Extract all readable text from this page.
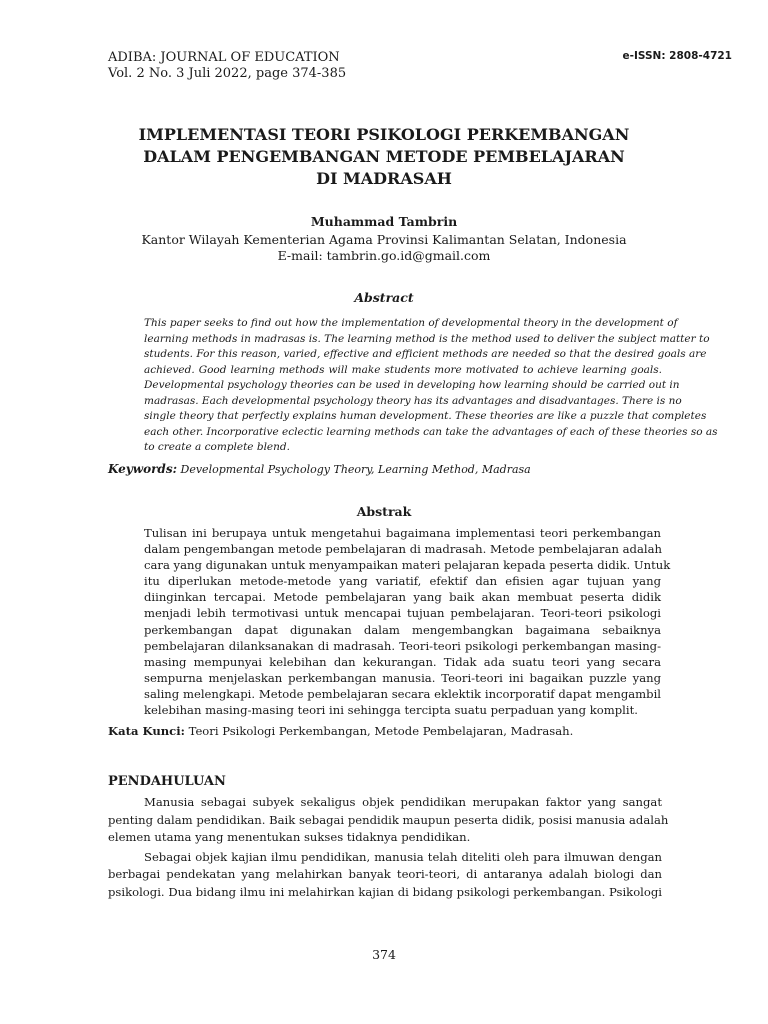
ADIBA: JOURNAL OF EDUCATION
Vol. 2 No. 3 Juli 2022, page 374-385
e-ISSN: 2808-4721
IMPLEMENTASI TEORI PSIKOLOGI PERKEMBANGAN
DALAM PENGEMBANGAN METODE PEMBELAJARAN
DI MADRASAH
Muhammad Tambrin
Kantor Wilayah Kementerian Agama Provinsi Kalimantan Selatan, Indonesia
E-mail: tambrin.go.id@gmail.com
Abstract
This paper seeks to find out how the implementation of developmental theory in the development of
learning methods in madrasas is. The learning method is the method used to deliver the subject matter to
students. For this reason, varied, effective and efficient methods are needed so that the desired goals are
achieved. Good learning methods will make students more motivated to achieve learning goals.
Developmental psychology theories can be used in developing how learning should be carried out in
madrasas. Each developmental psychology theory has its advantages and disadvantages. There is no
single theory that perfectly explains human development. These theories are like a puzzle that completes
each other. Incorporative eclectic learning methods can take the advantages of each of these theories so as
to create a complete blend.
Keywords: Developmental Psychology Theory, Learning Method, Madrasa
Abstrak
Tulisan ini berupaya untuk mengetahui bagaimana implementasi teori perkembangan
dalam pengembangan metode pembelajaran di madrasah. Metode pembelajaran adalah
cara yang digunakan untuk menyampaikan materi pelajaran kepada peserta didik. Untuk
itu diperlukan metode-metode yang variatif, efektif dan efisien agar tujuan yang
diinginkan tercapai. Metode pembelajaran yang baik akan membuat peserta didik
menjadi lebih termotivasi untuk mencapai tujuan pembelajaran. Teori-teori psikologi
perkembangan dapat digunakan dalam mengembangkan bagaimana sebaiknya
pembelajaran dilanksanakan di madrasah. Teori-teori psikologi perkembangan masing-
masing mempunyai kelebihan dan kekurangan. Tidak ada suatu teori yang secara
sempurna menjelaskan perkembangan manusia. Teori-teori ini bagaikan puzzle yang
saling melengkapi. Metode pembelajaran secara eklektik incorporatif dapat mengambil
kelebihan masing-masing teori ini sehingga tercipta suatu perpaduan yang komplit.
Kata Kunci: Teori Psikologi Perkembangan, Metode Pembelajaran, Madrasah.
PENDAHULUAN
Manusia sebagai subyek sekaligus objek pendidikan merupakan faktor yang sangat
penting dalam pendidikan. Baik sebagai pendidik maupun peserta didik, posisi manusia adalah
elemen utama yang menentukan sukses tidaknya pendidikan.
Sebagai objek kajian ilmu pendidikan, manusia telah diteliti oleh para ilmuwan dengan
berbagai pendekatan yang melahirkan banyak teori-teori, di antaranya adalah biologi dan
psikologi. Dua bidang ilmu ini melahirkan kajian di bidang psikologi perkembangan. Psikologi
374
